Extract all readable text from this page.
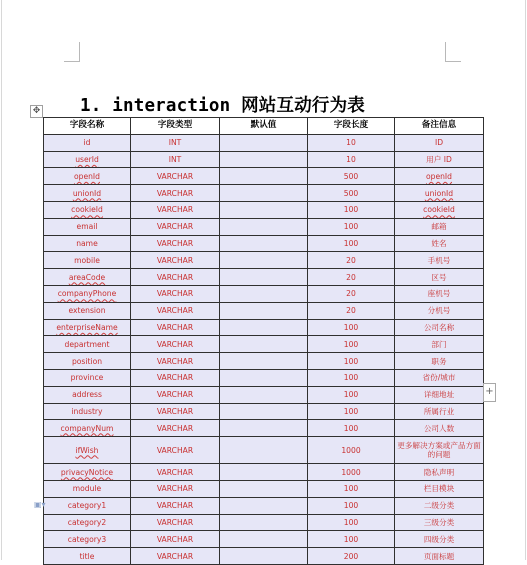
1. interaction 网站互动行为表
✥
字段名称	字段类型	默认值	字段长度	备注信息
id	INT		10	ID
userId	INT		10	用户 ID
openId	VARCHAR		500	openId
unionId	VARCHAR		500	unionId
cookieId	VARCHAR		100	cookieId
email	VARCHAR		100	邮箱
name	VARCHAR		100	姓名
mobile	VARCHAR		20	手机号
areaCode	VARCHAR		20	区号
companyPhone	VARCHAR		20	座机号
extension	VARCHAR		20	分机号
enterpriseName	VARCHAR		100	公司名称
department	VARCHAR		100	部门
position	VARCHAR		100	职务
province	VARCHAR		100	省份/城市
address	VARCHAR		100	详细地址
industry	VARCHAR		100	所属行业
companyNum	VARCHAR		100	公司人数
ifWish	VARCHAR		1000	更多解决方案或产品方面的问题
privacyNotice	VARCHAR		1000	隐私声明
module	VARCHAR		100	栏目模块
category1	VARCHAR		100	二级分类
category2	VARCHAR		100	三级分类
category3	VARCHAR		100	四级分类
title	VARCHAR		200	页面标题
+
▣▾
